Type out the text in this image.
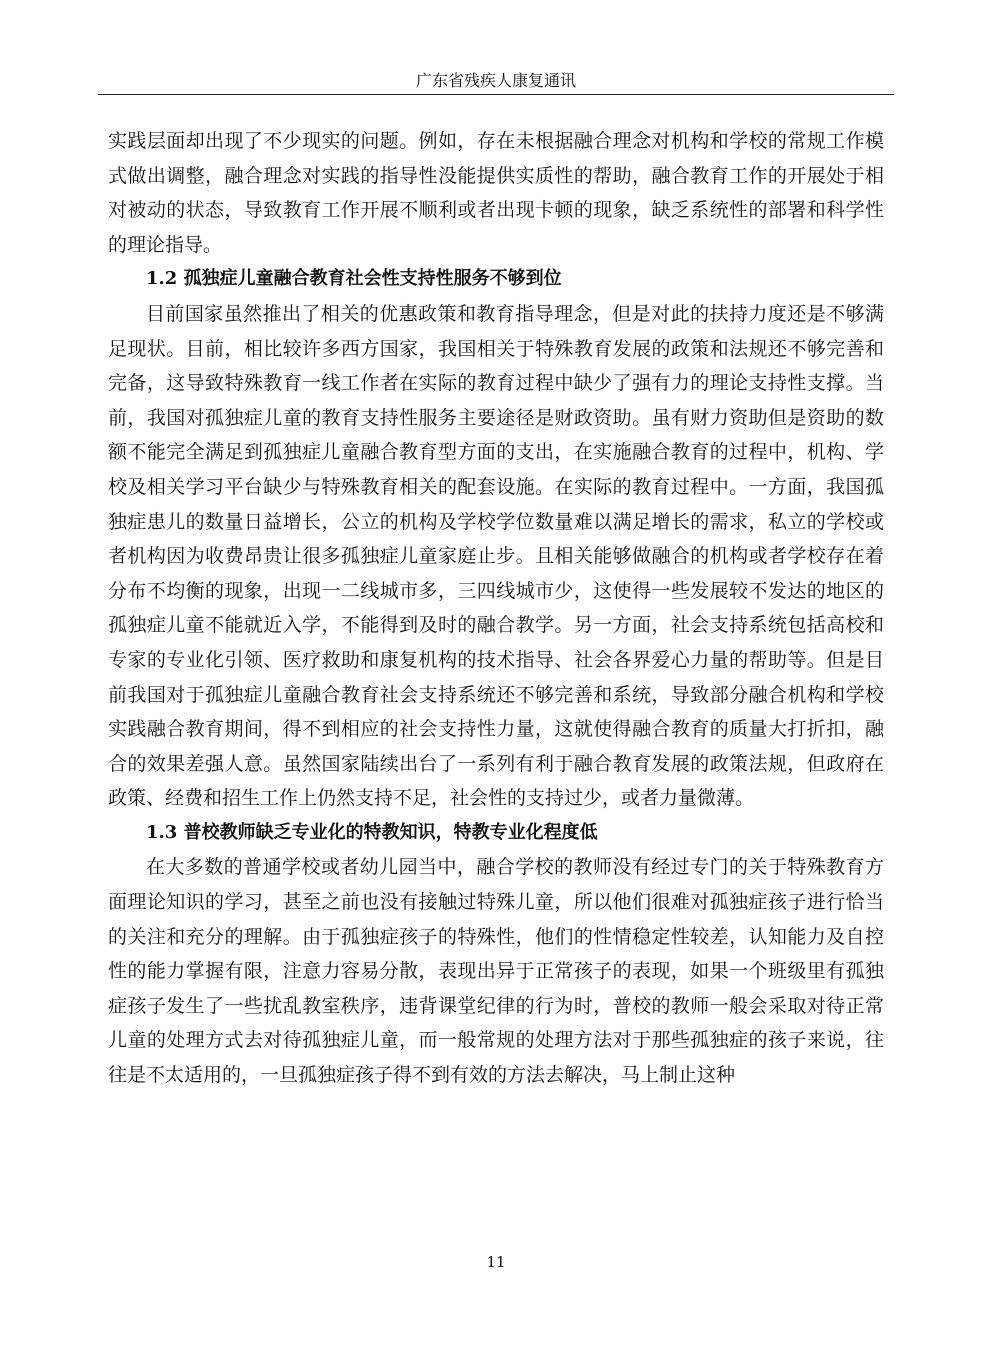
广东省残疾人康复通讯

实践层面却出现了不少现实的问题。例如，存在未根据融合理念对机构和学校的常规工作模式做出调整，融合理念对实践的指导性没能提供实质性的帮助，融合教育工作的开展处于相对被动的状态，导致教育工作开展不顺利或者出现卡顿的现象，缺乏系统性的部署和科学性的理论指导。

1.2 孤独症儿童融合教育社会性支持性服务不够到位

目前国家虽然推出了相关的优惠政策和教育指导理念，但是对此的扶持力度还是不够满足现状。目前，相比较许多西方国家，我国相关于特殊教育发展的政策和法规还不够完善和完备，这导致特殊教育一线工作者在实际的教育过程中缺少了强有力的理论支持性支撑。当前，我国对孤独症儿童的教育支持性服务主要途径是财政资助。虽有财力资助但是资助的数额不能完全满足到孤独症儿童融合教育型方面的支出，在实施融合教育的过程中，机构、学校及相关学习平台缺少与特殊教育相关的配套设施。在实际的教育过程中。一方面，我国孤独症患儿的数量日益增长，公立的机构及学校学位数量难以满足增长的需求，私立的学校或者机构因为收费昂贵让很多孤独症儿童家庭止步。且相关能够做融合的机构或者学校存在着分布不均衡的现象，出现一二线城市多，三四线城市少，这使得一些发展较不发达的地区的孤独症儿童不能就近入学，不能得到及时的融合教学。另一方面，社会支持系统包括高校和专家的专业化引领、医疗救助和康复机构的技术指导、社会各界爱心力量的帮助等。但是目前我国对于孤独症儿童融合教育社会支持系统还不够完善和系统，导致部分融合机构和学校实践融合教育期间，得不到相应的社会支持性力量，这就使得融合教育的质量大打折扣，融合的效果差强人意。虽然国家陆续出台了一系列有利于融合教育发展的政策法规，但政府在政策、经费和招生工作上仍然支持不足，社会性的支持过少，或者力量微薄。

1.3 普校教师缺乏专业化的特教知识，特教专业化程度低

在大多数的普通学校或者幼儿园当中，融合学校的教师没有经过专门的关于特殊教育方面理论知识的学习，甚至之前也没有接触过特殊儿童，所以他们很难对孤独症孩子进行恰当的关注和充分的理解。由于孤独症孩子的特殊性，他们的性情稳定性较差，认知能力及自控性的能力掌握有限，注意力容易分散，表现出异于正常孩子的表现，如果一个班级里有孤独症孩子发生了一些扰乱教室秩序，违背课堂纪律的行为时，普校的教师一般会采取对待正常儿童的处理方式去对待孤独症儿童，而一般常规的处理方法对于那些孤独症的孩子来说，往往是不太适用的，一旦孤独症孩子得不到有效的方法去解决，马上制止这种

11
